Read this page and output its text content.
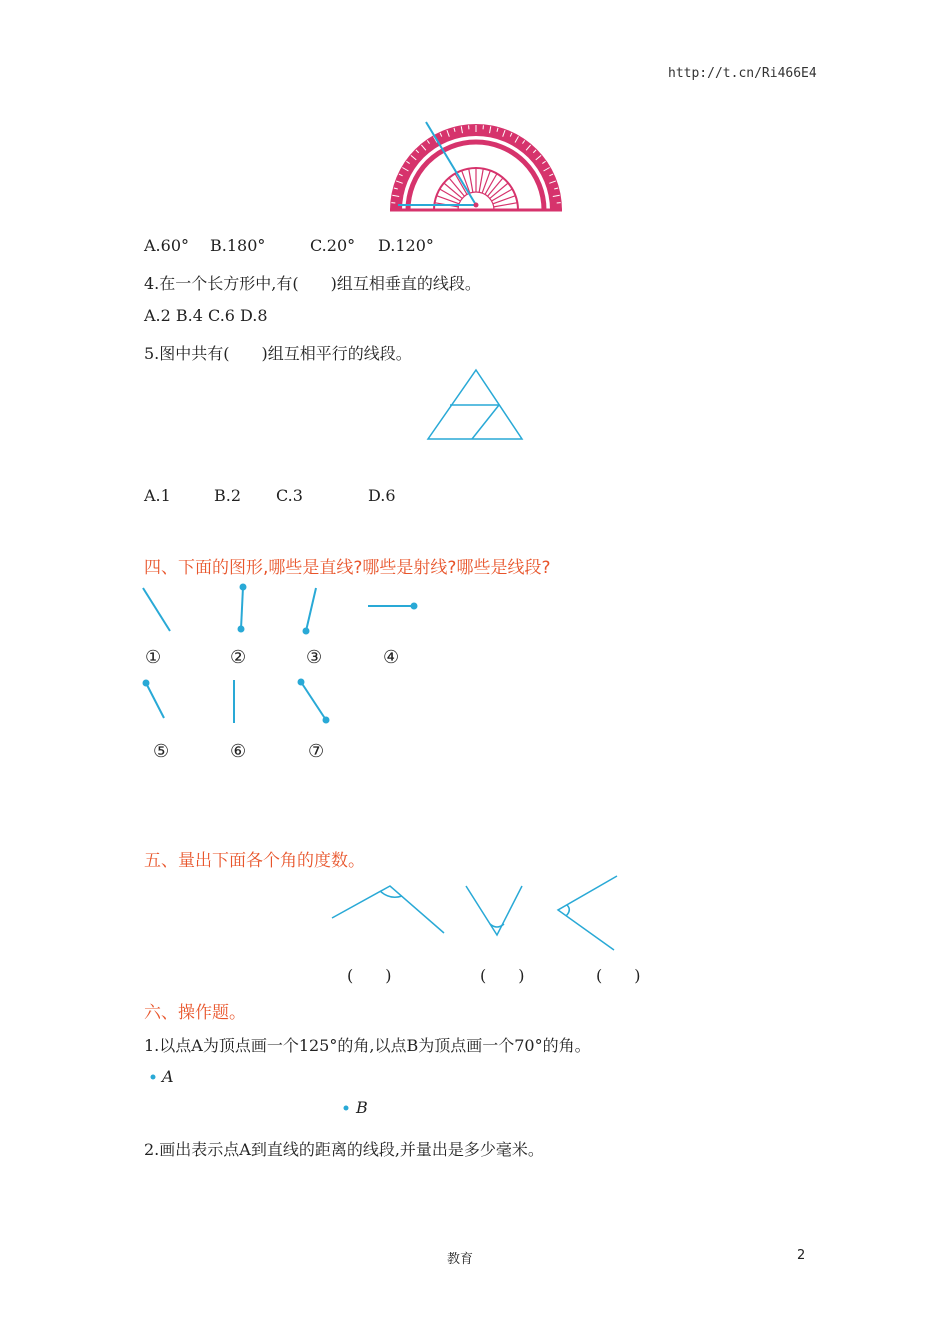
http://t.cn/Ri466E4
A.60° B.180°	C.20° D.120°
4.在一个长方形中,有(　　)组互相垂直的线段。
A.2 B.4 C.6 D.8
5.图中共有(　　)组互相平行的线段。
A.1	B.2 C.3	D.6
四、下面的图形,哪些是直线?哪些是射线?哪些是线段?
①	②	③	④
⑤	⑥	⑦
五、量出下面各个角的度数。
(　　)	(　　)	(　　)
六、操作题。
1.以点A为顶点画一个125°的角,以点B为顶点画一个70°的角。
A
B
2.画出表示点A到直线的距离的线段,并量出是多少毫米。
教育	2
